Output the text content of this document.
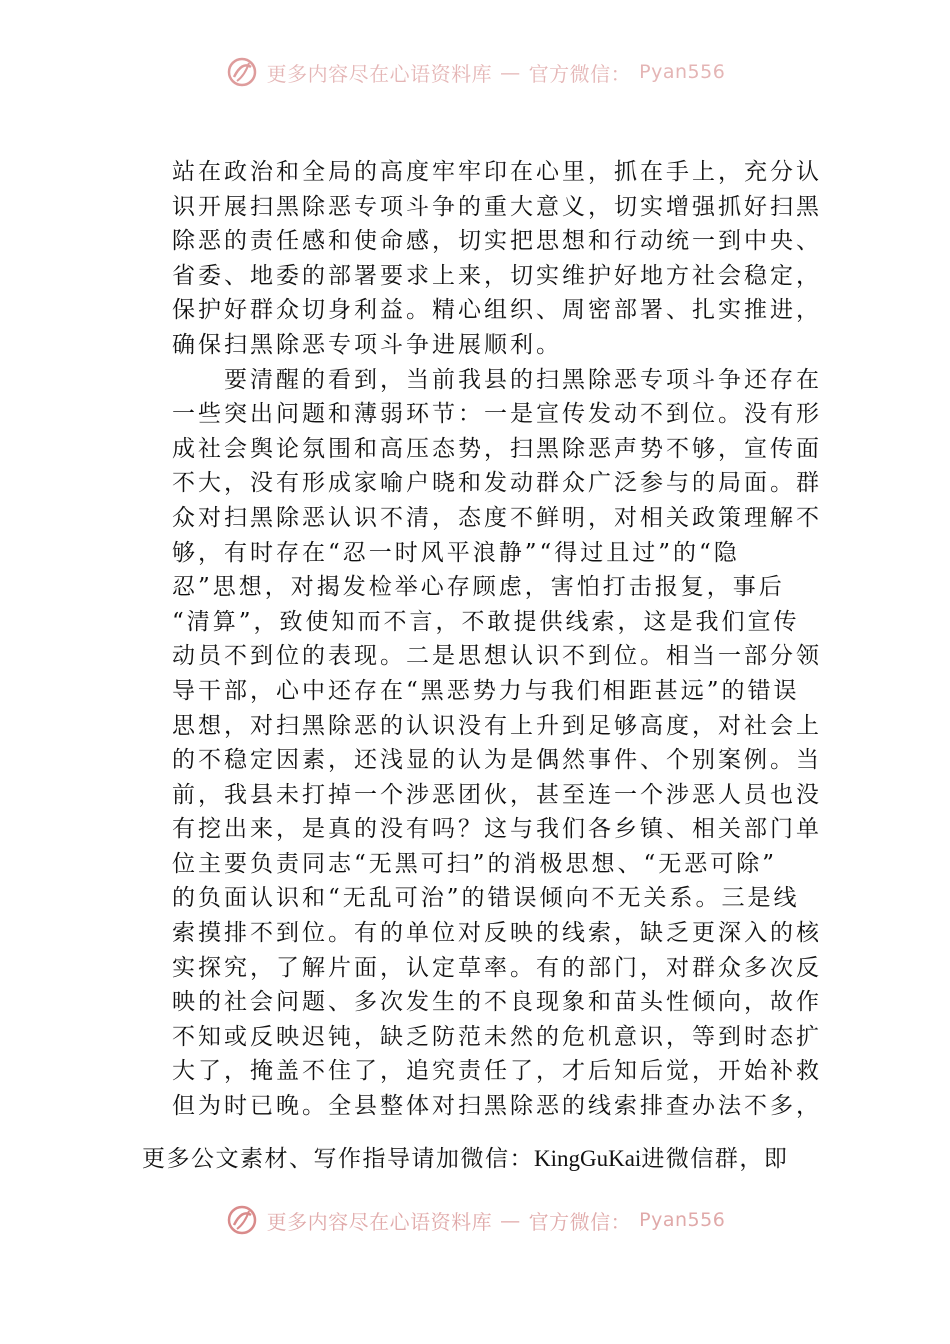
更多内容尽在心语资料库 — 官方微信： Pyan556
站在政治和全局的高度牢牢印在心里，抓在手上，充分认
识开展扫黑除恶专项斗争的重大意义，切实增强抓好扫黑
除恶的责任感和使命感，切实把思想和行动统一到中央、
省委、地委的部署要求上来，切实维护好地方社会稳定，
保护好群众切身利益。精心组织、周密部署、扎实推进，
确保扫黑除恶专项斗争进展顺利。
　　要清醒的看到，当前我县的扫黑除恶专项斗争还存在
一些突出问题和薄弱环节：一是宣传发动不到位。没有形
成社会舆论氛围和高压态势，扫黑除恶声势不够，宣传面
不大，没有形成家喻户晓和发动群众广泛参与的局面。群
众对扫黑除恶认识不清，态度不鲜明，对相关政策理解不
够，有时存在“忍一时风平浪静”“得过且过”的“隐
忍”思想，对揭发检举心存顾虑，害怕打击报复，事后
“清算”，致使知而不言，不敢提供线索，这是我们宣传
动员不到位的表现。二是思想认识不到位。相当一部分领
导干部，心中还存在“黑恶势力与我们相距甚远”的错误
思想，对扫黑除恶的认识没有上升到足够高度，对社会上
的不稳定因素，还浅显的认为是偶然事件、个别案例。当
前，我县未打掉一个涉恶团伙，甚至连一个涉恶人员也没
有挖出来，是真的没有吗？这与我们各乡镇、相关部门单
位主要负责同志“无黑可扫”的消极思想、“无恶可除”
的负面认识和“无乱可治”的错误倾向不无关系。三是线
索摸排不到位。有的单位对反映的线索，缺乏更深入的核
实探究，了解片面，认定草率。有的部门，对群众多次反
映的社会问题、多次发生的不良现象和苗头性倾向，故作
不知或反映迟钝，缺乏防范未然的危机意识，等到时态扩
大了，掩盖不住了，追究责任了，才后知后觉，开始补救
但为时已晚。全县整体对扫黑除恶的线索排查办法不多，
更多公文素材、写作指导请加微信：KingGuKai进微信群，即
更多内容尽在心语资料库 — 官方微信： Pyan556
